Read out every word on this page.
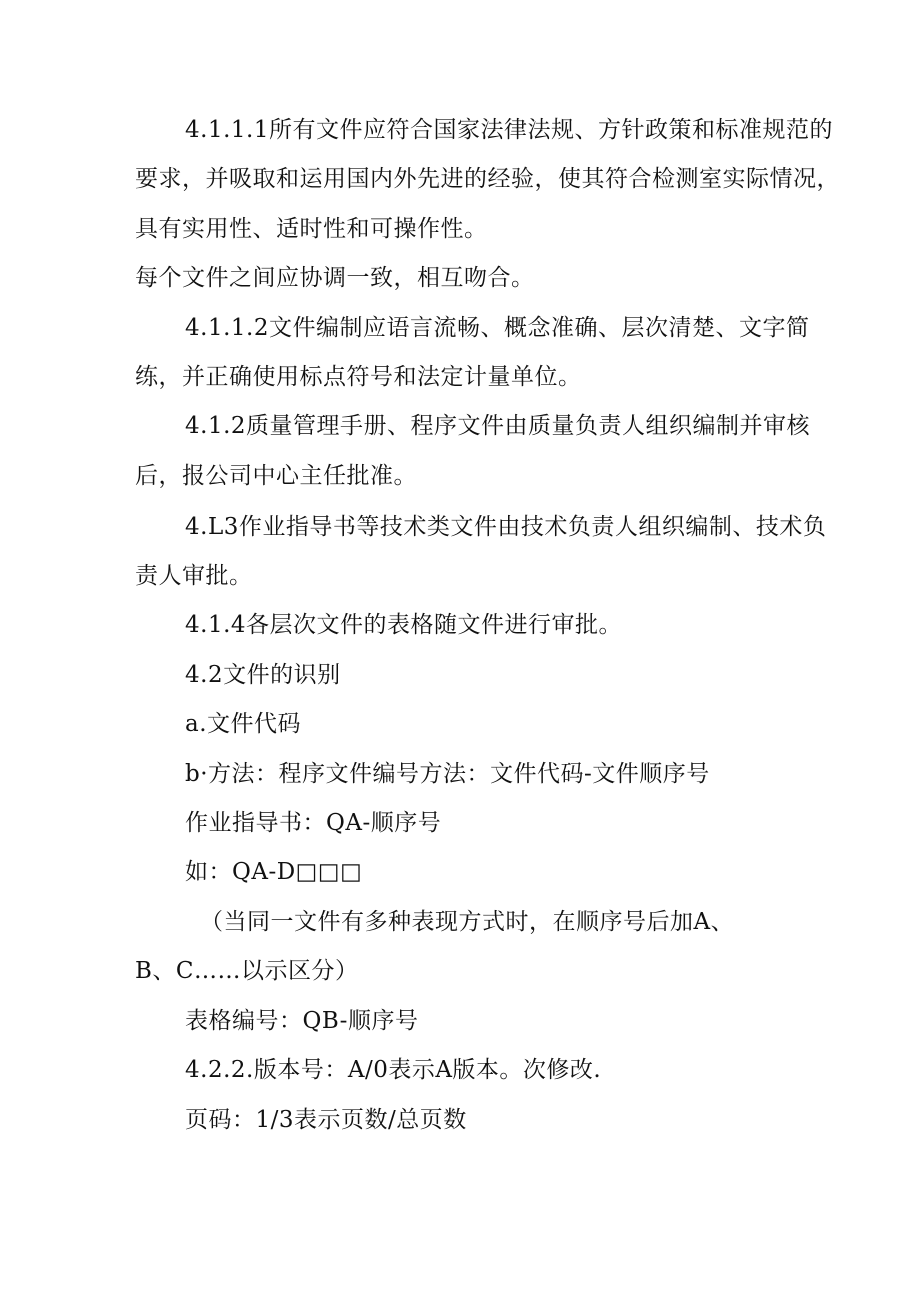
4.1.1.1所有文件应符合国家法律法规、方针政策和标准规范的
要求，并吸取和运用国内外先进的经验，使其符合检测室实际情况，
具有实用性、适时性和可操作性。
每个文件之间应协调一致，相互吻合。
4.1.1.2文件编制应语言流畅、概念准确、层次清楚、文字简
练，并正确使用标点符号和法定计量单位。
4.1.2质量管理手册、程序文件由质量负责人组织编制并审核
后，报公司中心主任批准。
4.L3作业指导书等技术类文件由技术负责人组织编制、技术负
责人审批。
4.1.4各层次文件的表格随文件进行审批。
4.2文件的识别
a.文件代码
b·方法：程序文件编号方法：文件代码-文件顺序号
作业指导书：QA-顺序号
如：QA-D□□□
（当同一文件有多种表现方式时，在顺序号后加A、
B、C……以示区分）
表格编号：QB-顺序号
4.2.2.版本号：A/0表示A版本。次修改.
页码：1/3表示页数/总页数
